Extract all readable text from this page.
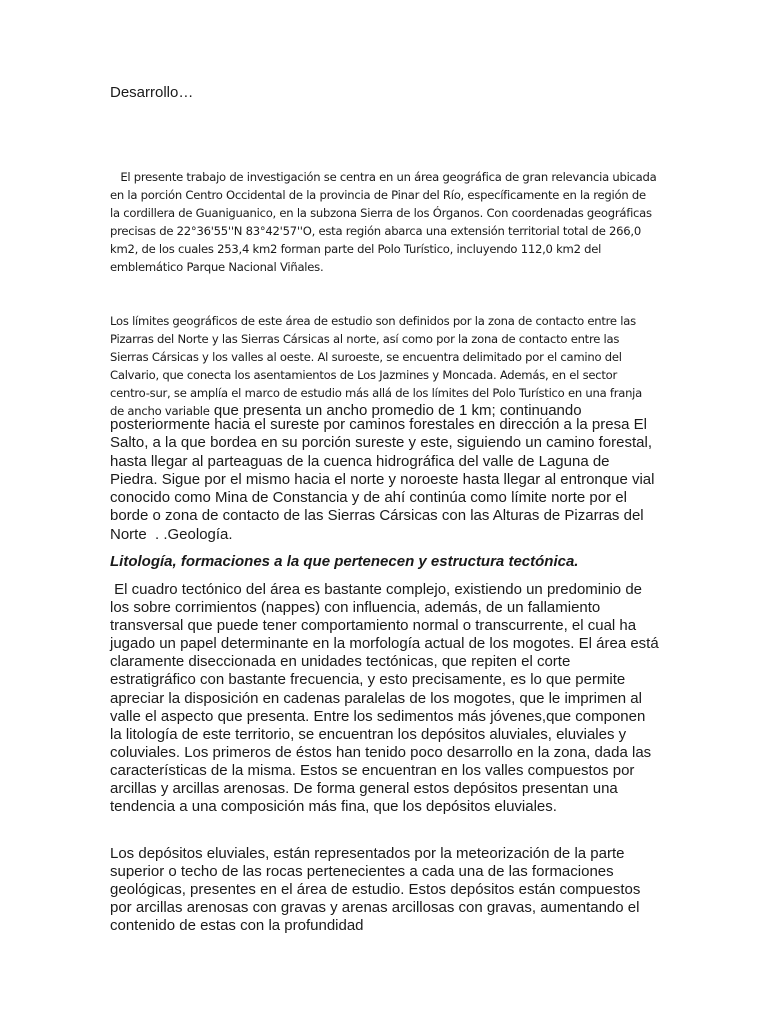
Desarrollo…

El presente trabajo de investigación se centra en un área geográfica de gran relevancia ubicada en la porción Centro Occidental de la provincia de Pinar del Río, específicamente en la región de la cordillera de Guaniguanico, en la subzona Sierra de los Órganos. Con coordenadas geográficas precisas de 22°36'55''N 83°42'57''O, esta región abarca una extensión territorial total de 266,0 km2, de los cuales 253,4 km2 forman parte del Polo Turístico, incluyendo 112,0 km2 del emblemático Parque Nacional Viñales.

Los límites geográficos de este área de estudio son definidos por la zona de contacto entre las Pizarras del Norte y las Sierras Cársicas al norte, así como por la zona de contacto entre las Sierras Cársicas y los valles al oeste. Al suroeste, se encuentra delimitado por el camino del Calvario, que conecta los asentamientos de Los Jazmines y Moncada. Además, en el sector centro-sur, se amplía el marco de estudio más allá de los límites del Polo Turístico en una franja de ancho variable que presenta un ancho promedio de 1 km; continuando

posteriormente hacia el sureste por caminos forestales en dirección a la presa El Salto, a la que bordea en su porción sureste y este, siguiendo un camino forestal, hasta llegar al parteaguas de la cuenca hidrográfica del valle de Laguna de Piedra. Sigue por el mismo hacia el norte y noroeste hasta llegar al entronque vial conocido como Mina de Constancia y de ahí continúa como límite norte por el borde o zona de contacto de las Sierras Cársicas con las Alturas de Pizarras del Norte  . .Geología.

Litología, formaciones a la que pertenecen y estructura tectónica.

El cuadro tectónico del área es bastante complejo, existiendo un predominio de los sobre corrimientos (nappes) con influencia, además, de un fallamiento transversal que puede tener comportamiento normal o transcurrente, el cual ha jugado un papel determinante en la morfología actual de los mogotes. El área está claramente diseccionada en unidades tectónicas, que repiten el corte estratigráfico con bastante frecuencia, y esto precisamente, es lo que permite apreciar la disposición en cadenas paralelas de los mogotes, que le imprimen al valle el aspecto que presenta. Entre los sedimentos más jóvenes,que componen la litología de este territorio, se encuentran los depósitos aluviales, eluviales y coluviales. Los primeros de éstos han tenido poco desarrollo en la zona, dada las características de la misma. Estos se encuentran en los valles compuestos por arcillas y arcillas arenosas. De forma general estos depósitos presentan una tendencia a una composición más fina, que los depósitos eluviales.

Los depósitos eluviales, están representados por la meteorización de la parte superior o techo de las rocas pertenecientes a cada una de las formaciones geológicas, presentes en el área de estudio. Estos depósitos están compuestos por arcillas arenosas con gravas y arenas arcillosas con gravas, aumentando el contenido de estas con la profundidad
